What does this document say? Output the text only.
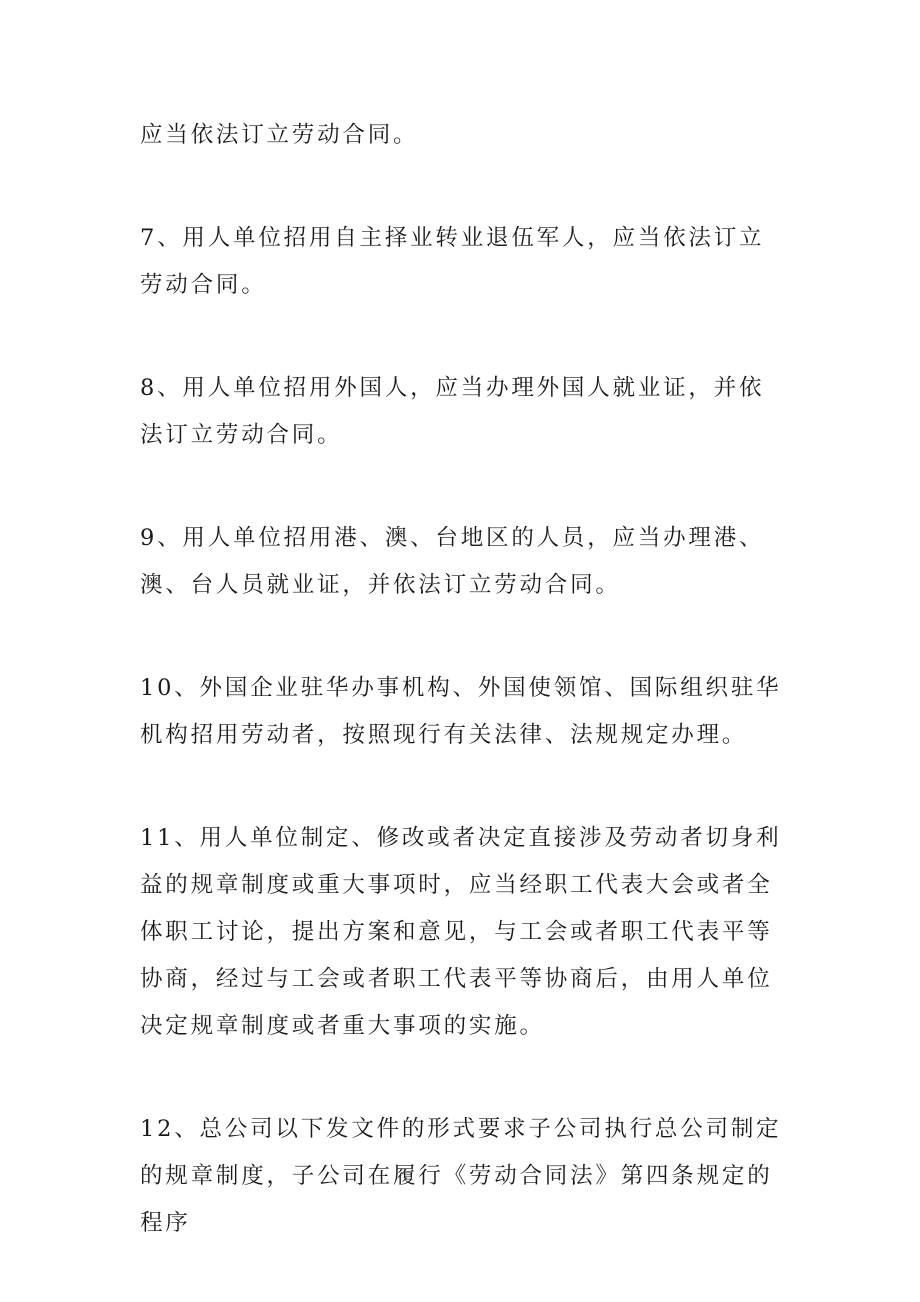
应当依法订立劳动合同。

7、用人单位招用自主择业转业退伍军人，应当依法订立劳动合同。

8、用人单位招用外国人，应当办理外国人就业证，并依法订立劳动合同。

9、用人单位招用港、澳、台地区的人员，应当办理港、澳、台人员就业证，并依法订立劳动合同。

10、外国企业驻华办事机构、外国使领馆、国际组织驻华机构招用劳动者，按照现行有关法律、法规规定办理。

11、用人单位制定、修改或者决定直接涉及劳动者切身利益的规章制度或重大事项时，应当经职工代表大会或者全体职工讨论，提出方案和意见，与工会或者职工代表平等协商，经过与工会或者职工代表平等协商后，由用人单位决定规章制度或者重大事项的实施。

12、总公司以下发文件的形式要求子公司执行总公司制定的规章制度，子公司在履行《劳动合同法》第四条规定的程序
